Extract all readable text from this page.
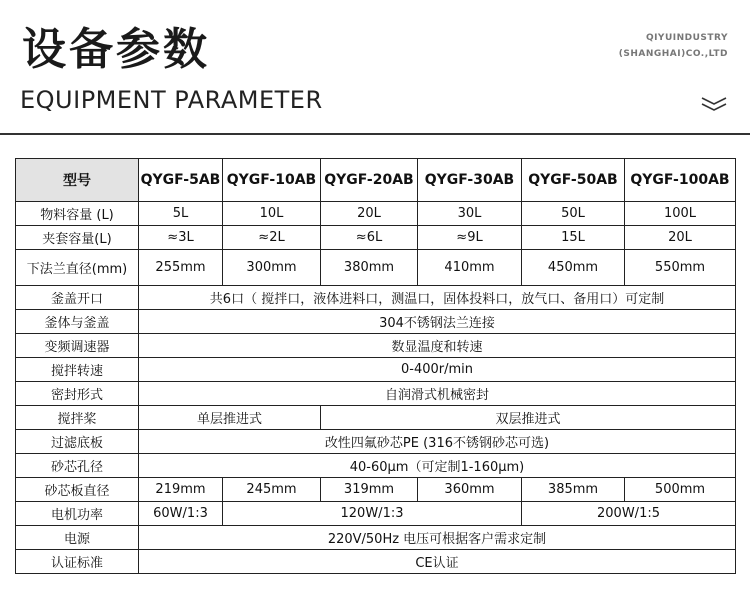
设备参数
EQUIPMENT PARAMETER
QIYUINDUSTRY
(SHANGHAI)CO.,LTD
型号	QYGF-5AB	QYGF-10AB	QYGF-20AB	QYGF-30AB	QYGF-50AB	QYGF-100AB
物料容量 (L)	5L	10L	20L	30L	50L	100L
夹套容量(L)	≈3L	≈2L	≈6L	≈9L	15L	20L
下法兰直径(mm)	255mm	300mm	380mm	410mm	450mm	550mm
釜盖开口	共6口（ 搅拌口，液体进料口，测温口，固体投料口，放气口、备用口）可定制					
釜体与釜盖	304不锈钢法兰连接					
变频调速器	数显温度和转速					
搅拌转速	0-400r/min					
密封形式	自润滑式机械密封					
搅拌桨	单层推进式		双层推进式			
过滤底板	改性四氟砂芯PE (316不锈钢砂芯可选)					
砂芯孔径	40-60μm（可定制1-160μm)					
砂芯板直径	219mm	245mm	319mm	360mm	385mm	500mm
电机功率	60W/1:3	120W/1:3			200W/1:5	
电源	220V/50Hz 电压可根据客户需求定制					
认证标准	CE认证					
